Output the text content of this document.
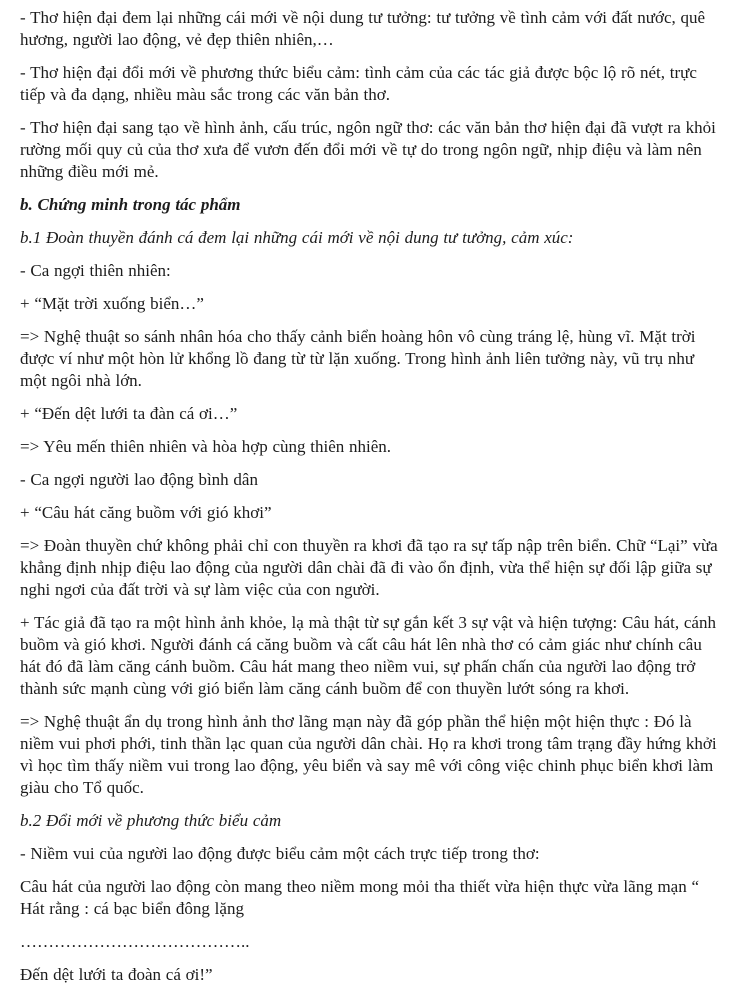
- Thơ hiện đại đem lại những cái mới về nội dung tư tưởng: tư tưởng về tình cảm với đất nước, quê hương, người lao động, vẻ đẹp thiên nhiên,…

- Thơ hiện đại đổi mới về phương thức biểu cảm: tình cảm của các tác giả được bộc lộ rõ nét, trực tiếp và đa dạng, nhiều màu sắc trong các văn bản thơ.

- Thơ hiện đại sang tạo về hình ảnh, cấu trúc, ngôn ngữ thơ: các văn bản thơ hiện đại đã vượt ra khỏi rường mối quy củ của thơ xưa để vươn đến đổi mới về tự do trong ngôn ngữ, nhịp điệu và làm nên những điều mới mẻ.

b. Chứng minh trong tác phẩm

b.1 Đoàn thuyền đánh cá đem lại những cái mới về nội dung tư tưởng, cảm xúc:

- Ca ngợi thiên nhiên:

+ “Mặt trời xuống biển…”

=> Nghệ thuật so sánh nhân hóa cho thấy cảnh biển hoàng hôn vô cùng tráng lệ, hùng vĩ. Mặt trời được ví như một hòn lử khổng lồ đang từ từ lặn xuống. Trong hình ảnh liên tưởng này, vũ trụ như một ngôi nhà lớn.

+ “Đến dệt lưới ta đàn cá ơi…”

=> Yêu mến thiên nhiên và hòa hợp cùng thiên nhiên.

- Ca ngợi người lao động bình dân

+ “Câu hát căng buồm với gió khơi”

=> Đoàn thuyền chứ không phải chỉ con thuyền ra khơi đã tạo ra sự tấp nập trên biển. Chữ “Lại” vừa khẳng định nhịp điệu lao động của người dân chài đã đi vào ổn định, vừa thể hiện sự đối lập giữa sự nghi ngơi của đất trời và sự làm việc của con người.

+ Tác giả đã tạo ra một hình ảnh khỏe, lạ mà thật từ sự gắn kết 3 sự vật và hiện tượng: Câu hát, cánh buồm và gió khơi. Người đánh cá căng buồm và cất câu hát lên nhà thơ có cảm giác như chính câu hát đó đã làm căng cánh buồm. Câu hát mang theo niềm vui, sự phấn chấn của người lao động trở thành sức mạnh cùng với gió biển làm căng cánh buồm để con thuyền lướt sóng ra khơi.

=> Nghệ thuật ẩn dụ trong hình ảnh thơ lãng mạn này đã góp phần thể hiện một hiện thực : Đó là niềm vui phơi phới, tinh thần lạc quan của người dân chài. Họ ra khơi trong tâm trạng đầy hứng khởi vì học tìm thấy niềm vui trong lao động, yêu biển và say mê với công việc chinh phục biển khơi làm giàu cho Tổ quốc.

b.2 Đổi mới về phương thức biểu cảm

- Niềm vui của người lao động được biểu cảm một cách trực tiếp trong thơ:

Câu hát của người lao động còn mang theo niềm mong mỏi tha thiết vừa hiện thực vừa lãng mạn “ Hát rằng : cá bạc biển đông lặng

…………………………………..

Đến dệt lưới ta đoàn cá ơi!”
